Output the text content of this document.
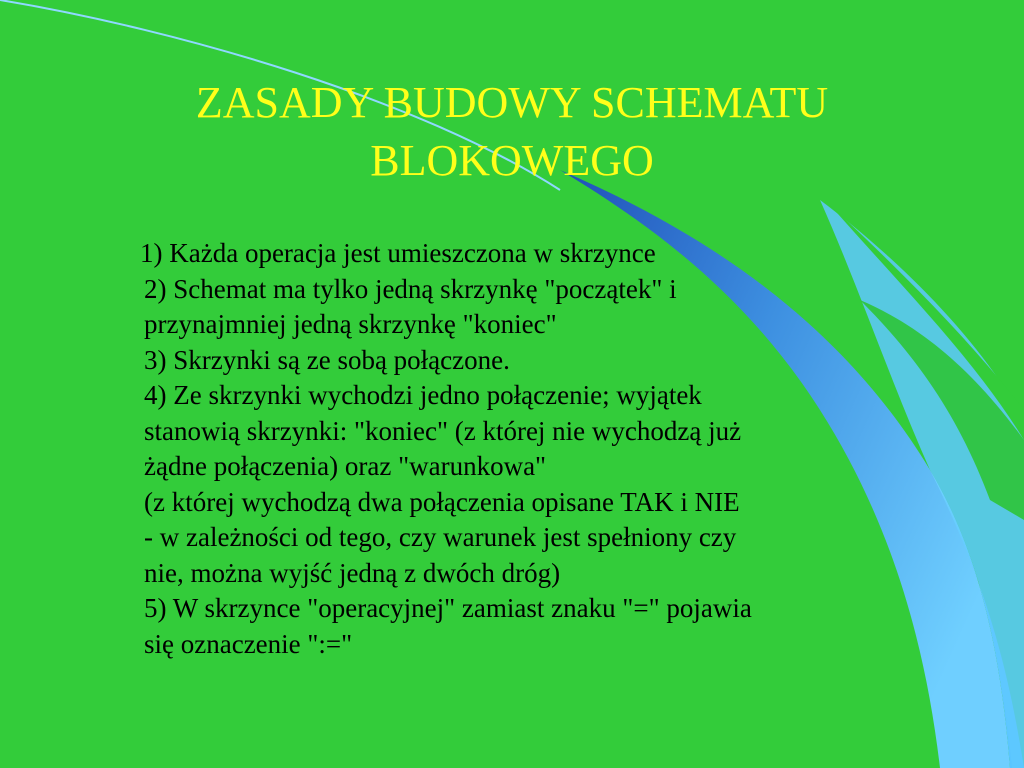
ZASADY BUDOWY SCHEMATU
BLOKOWEGO
1) Każda operacja jest umieszczona w skrzynce
2) Schemat ma tylko jedną skrzynkę "początek" i
przynajmniej jedną skrzynkę "koniec"
3) Skrzynki są ze sobą połączone.
4) Ze skrzynki wychodzi jedno połączenie; wyjątek
stanowią skrzynki: "koniec" (z której nie wychodzą już
żądne połączenia) oraz "warunkowa"
(z której wychodzą dwa połączenia opisane TAK i NIE
- w zależności od tego, czy warunek jest spełniony czy
nie, można wyjść jedną z dwóch dróg)
5) W skrzynce "operacyjnej" zamiast znaku "=" pojawia
się oznaczenie ":="
